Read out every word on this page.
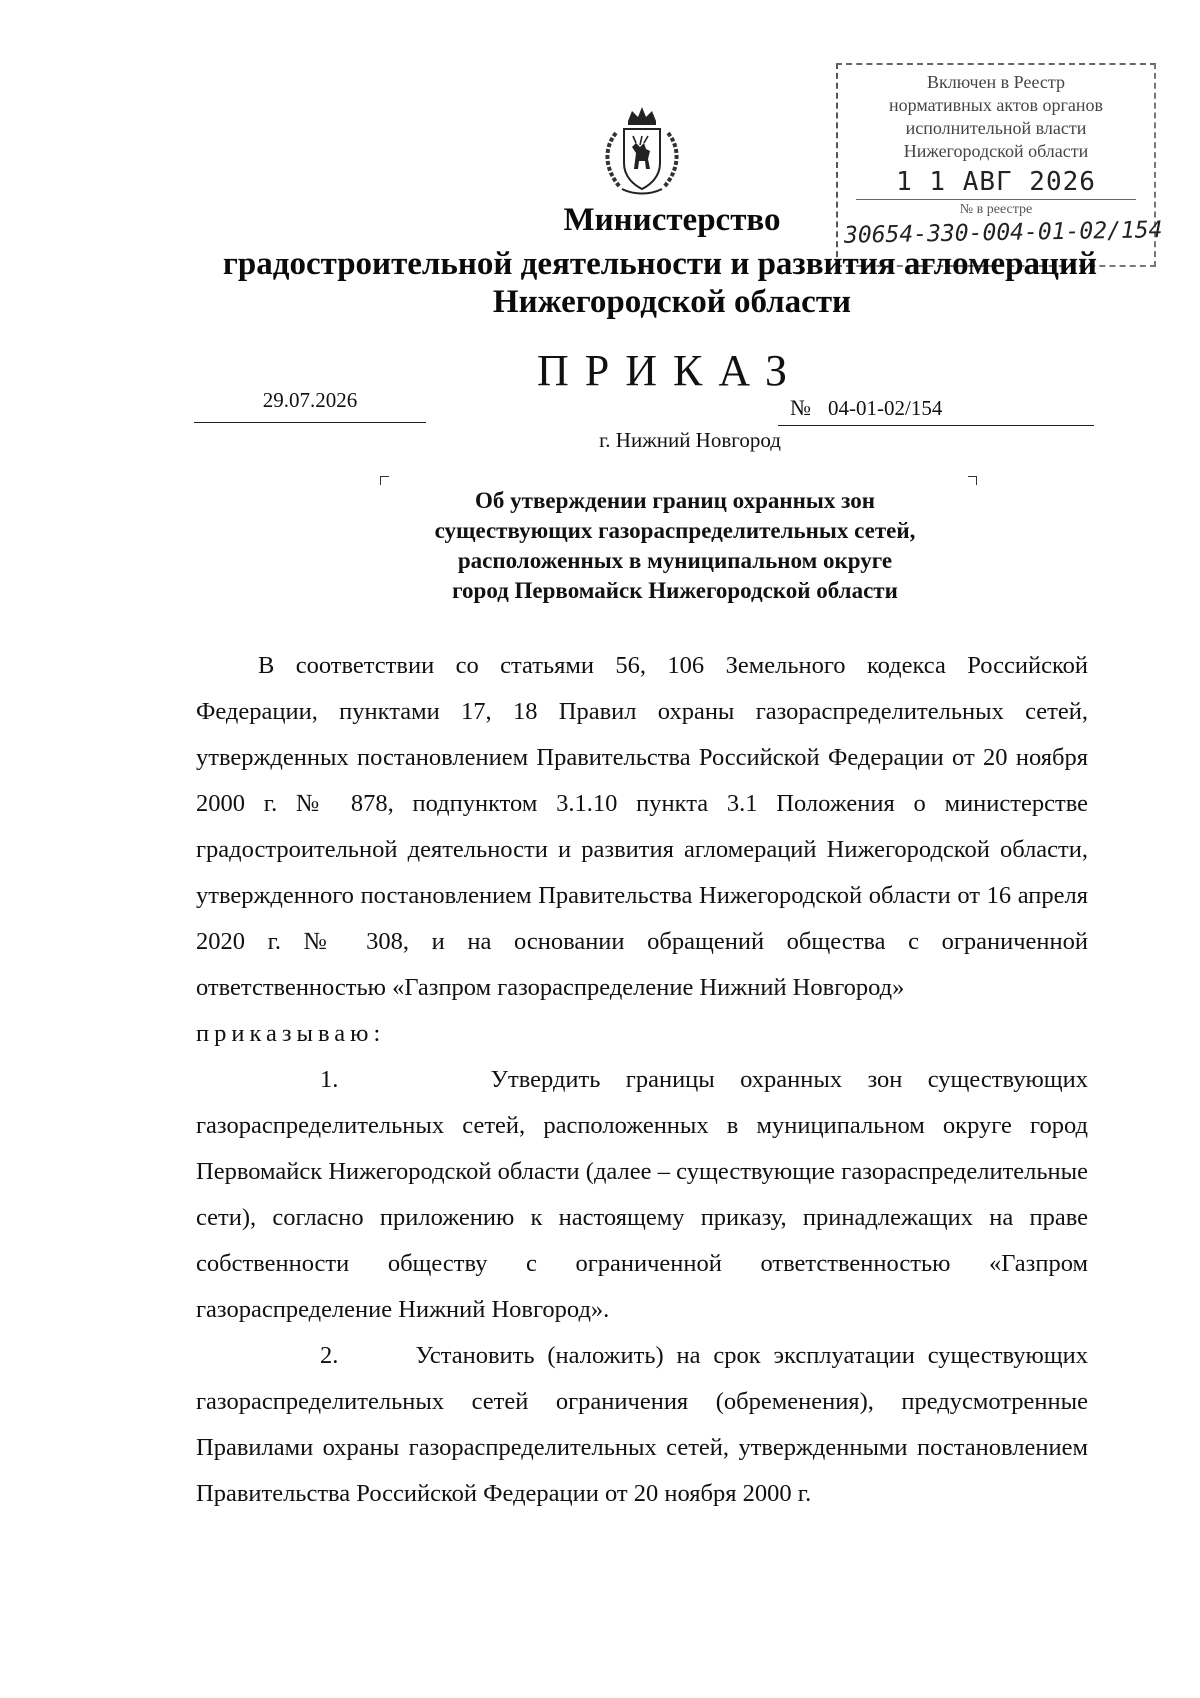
Включен в Реестр
нормативных актов органов
исполнительной власти
Нижегородской области
1 1 АВГ 2026
№ в реестре
30654-330-004-01-02/154
Министерство
градостроительной деятельности и развития агломераций
Нижегородской области
ПРИКАЗ
29.07.2026	№ 04-01-02/154
г. Нижний Новгород
Об утверждении границ охранных зон
существующих газораспределительных сетей,
расположенных в муниципальном округе
город Первомайск Нижегородской области

В соответствии со статьями 56, 106 Земельного кодекса Российской Федерации, пунктами 17, 18 Правил охраны газораспределительных сетей, утвержденных постановлением Правительства Российской Федерации от 20 ноября 2000 г. № 878, подпунктом 3.1.10 пункта 3.1 Положения о министерстве градостроительной деятельности и развития агломераций Нижегородской области, утвержденного постановлением Правительства Нижегородской области от 16 апреля 2020 г. № 308, и на основании обращений общества с ограниченной ответственностью «Газпром газораспределение Нижний Новгород»

приказываю:

1.	Утвердить границы охранных зон существующих газораспределительных сетей, расположенных в муниципальном округе город Первомайск Нижегородской области (далее – существующие газораспределительные сети), согласно приложению к настоящему приказу, принадлежащих на праве собственности обществу с ограниченной ответственностью «Газпром газораспределение Нижний Новгород».

2.	Установить (наложить) на срок эксплуатации существующих газораспределительных сетей ограничения (обременения), предусмотренные Правилами охраны газораспределительных сетей, утвержденными постановлением Правительства Российской Федерации от 20 ноября 2000 г.
